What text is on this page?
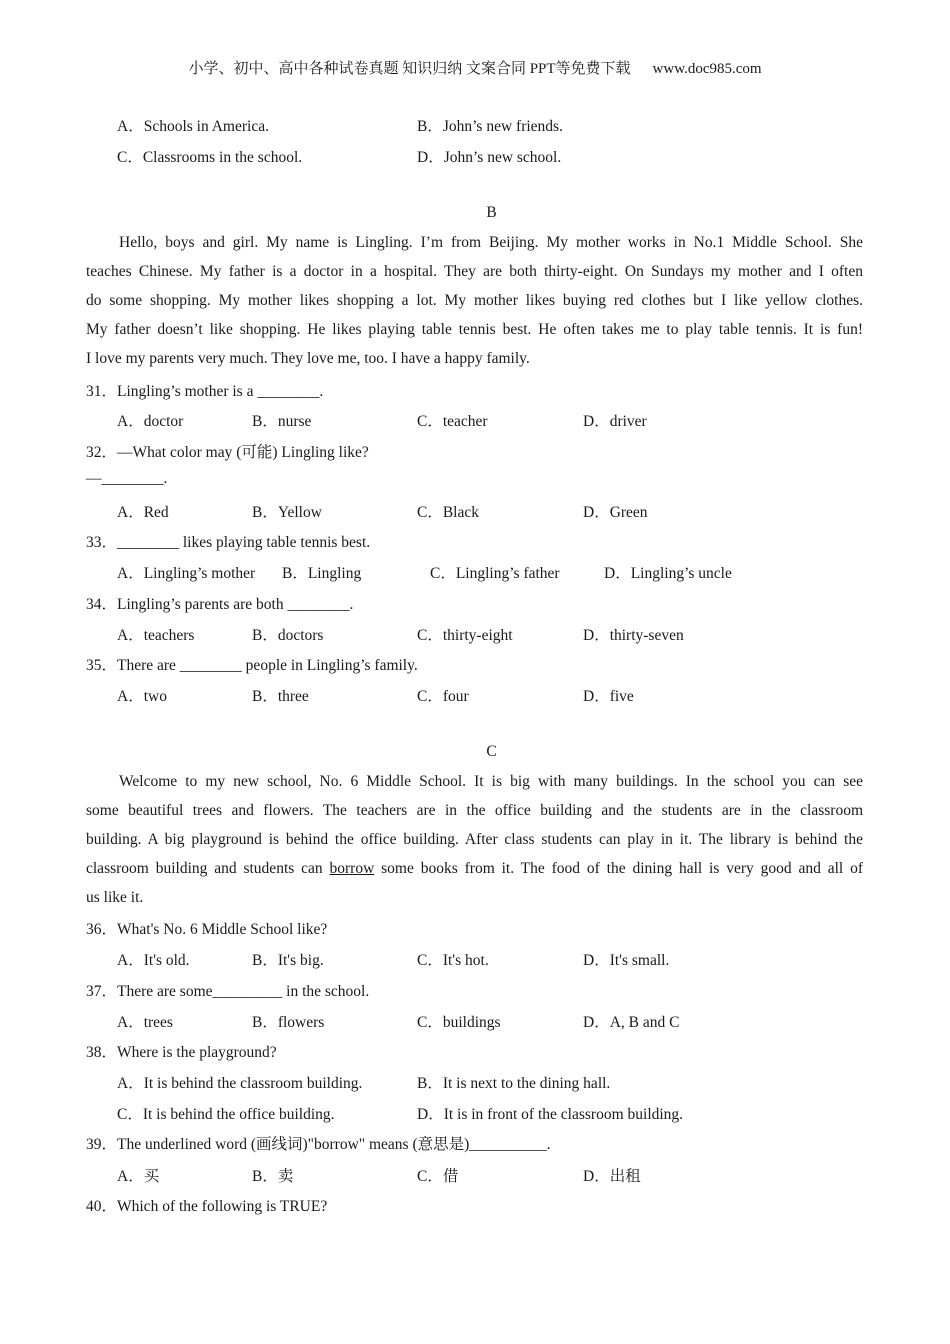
小学、初中、高中各种试卷真题 知识归纳 文案合同 PPT等免费下载 www.doc985.com
A．Schools in America.	B．John’s new friends.
C．Classrooms in the school.	D．John’s new school.
B
Hello, boys and girl. My name is Lingling. I’m from Beijing. My mother works in No.1 Middle School. She
teaches Chinese. My father is a doctor in a hospital. They are both thirty-eight. On Sundays my mother and I often
do some shopping. My mother likes shopping a lot. My mother likes buying red clothes but I like yellow clothes.
My father doesn’t like shopping. He likes playing table tennis best. He often takes me to play table tennis. It is fun!
I love my parents very much. They love me, too. I have a happy family.
31．Lingling’s mother is a ________.
A．doctor	B．nurse	C．teacher	D．driver
32．—What color may (可能) Lingling like?
—________.
A．Red	B．Yellow	C．Black	D．Green
33．________ likes playing table tennis best.
A．Lingling’s mother B．Lingling	C．Lingling’s father	D．Lingling’s uncle
34．Lingling’s parents are both ________.
A．teachers	B．doctors	C．thirty-eight	D．thirty-seven
35．There are ________ people in Lingling’s family.
A．two	B．three	C．four	D．five
C
Welcome to my new school, No. 6 Middle School. It is big with many buildings. In the school you can see
some beautiful trees and flowers. The teachers are in the office building and the students are in the classroom
building. A big playground is behind the office building. After class students can play in it. The library is behind the
classroom building and students can borrow some books from it. The food of the dining hall is very good and all of
us like it.
36．What's No. 6 Middle School like?
A．It's old.	B．It's big.	C．It's hot.	D．It's small.
37．There are some_________ in the school.
A．trees	B．flowers	C．buildings	D．A, B and C
38．Where is the playground?
A．It is behind the classroom building.	B．It is next to the dining hall.
C．It is behind the office building.	D．It is in front of the classroom building.
39．The underlined word (画线词)"borrow" means (意思是)__________.
A．买	B．卖	C．借	D．出租
40．Which of the following is TRUE?
